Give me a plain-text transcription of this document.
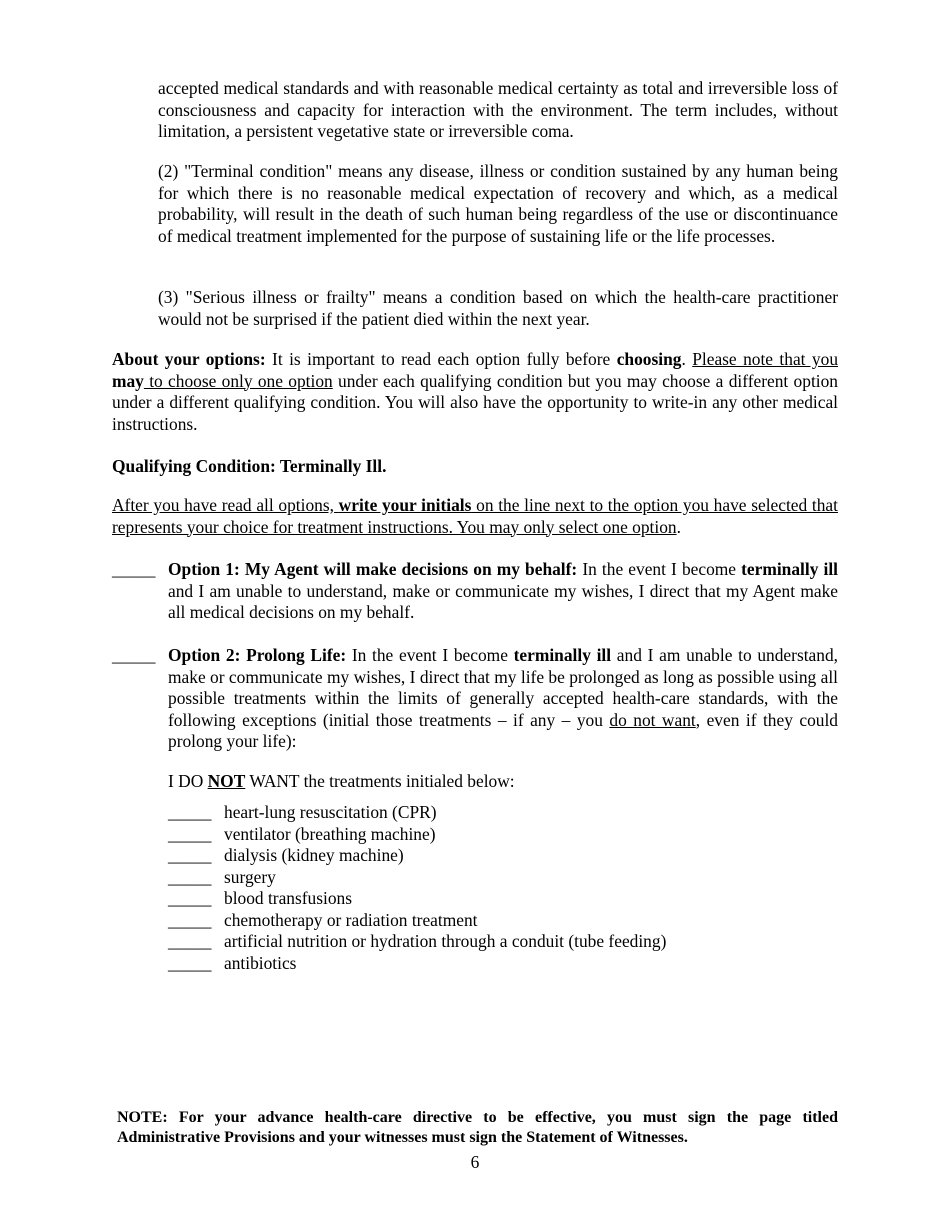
accepted medical standards and with reasonable medical certainty as total and irreversible loss of consciousness and capacity for interaction with the environment. The term includes, without limitation, a persistent vegetative state or irreversible coma.

(2) "Terminal condition" means any disease, illness or condition sustained by any human being for which there is no reasonable medical expectation of recovery and which, as a medical probability, will result in the death of such human being regardless of the use or discontinuance of medical treatment implemented for the purpose of sustaining life or the life processes.

(3) "Serious illness or frailty" means a condition based on which the health-care practitioner would not be surprised if the patient died within the next year.

About your options: It is important to read each option fully before choosing. Please note that you may to choose only one option under each qualifying condition but you may choose a different option under a different qualifying condition. You will also have the opportunity to write-in any other medical instructions.

Qualifying Condition: Terminally Ill.

After you have read all options, write your initials on the line next to the option you have selected that represents your choice for treatment instructions. You may only select one option.

_____ Option 1: My Agent will make decisions on my behalf: In the event I become terminally ill and I am unable to understand, make or communicate my wishes, I direct that my Agent make all medical decisions on my behalf.
_____ Option 2: Prolong Life: In the event I become terminally ill and I am unable to understand, make or communicate my wishes, I direct that my life be prolonged as long as possible using all possible treatments within the limits of generally accepted health-care standards, with the following exceptions (initial those treatments – if any – you do not want, even if they could prolong your life):

I DO NOT WANT the treatments initialed below:

_____ heart-lung resuscitation (CPR)
_____ ventilator (breathing machine)
_____ dialysis (kidney machine)
_____ surgery
_____ blood transfusions
_____ chemotherapy or radiation treatment
_____ artificial nutrition or hydration through a conduit (tube feeding)
_____ antibiotics

NOTE: For your advance health-care directive to be effective, you must sign the page titled Administrative Provisions and your witnesses must sign the Statement of Witnesses.

6
